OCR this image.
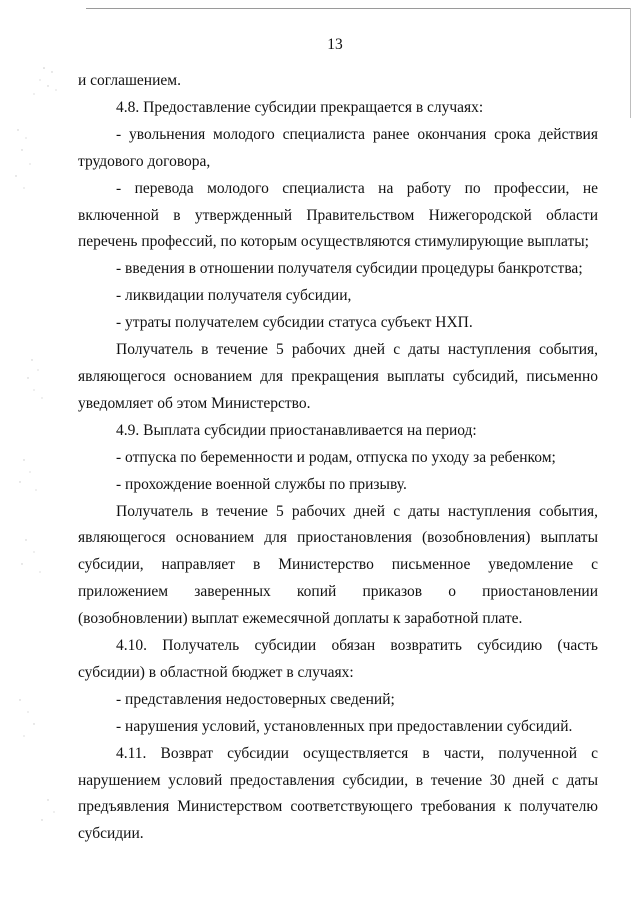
13

и соглашением.

4.8. Предоставление субсидии прекращается в случаях:

- увольнения молодого специалиста ранее окончания срока действия трудового договора,

- перевода молодого специалиста на работу по профессии, не включенной в утвержденный Правительством Нижегородской области перечень профессий, по которым осуществляются стимулирующие выплаты;

- введения в отношении получателя субсидии процедуры банкротства;

- ликвидации получателя субсидии,

- утраты получателем субсидии статуса субъект НХП.

Получатель в течение 5 рабочих дней с даты наступления события, являющегося основанием для прекращения выплаты субсидий, письменно уведомляет об этом Министерство.

4.9. Выплата субсидии приостанавливается на период:

- отпуска по беременности и родам, отпуска по уходу за ребенком;

- прохождение военной службы по призыву.

Получатель в течение 5 рабочих дней с даты наступления события, являющегося основанием для приостановления (возобновления) выплаты субсидии, направляет в Министерство письменное уведомление с приложением заверенных копий приказов о приостановлении (возобновлении) выплат ежемесячной доплаты к заработной плате.

4.10. Получатель субсидии обязан возвратить субсидию (часть субсидии) в областной бюджет в случаях:

- представления недостоверных сведений;

- нарушения условий, установленных при предоставлении субсидий.

4.11. Возврат субсидии осуществляется в части, полученной с нарушением условий предоставления субсидии, в течение 30 дней с даты предъявления Министерством соответствующего требования к получателю субсидии.
